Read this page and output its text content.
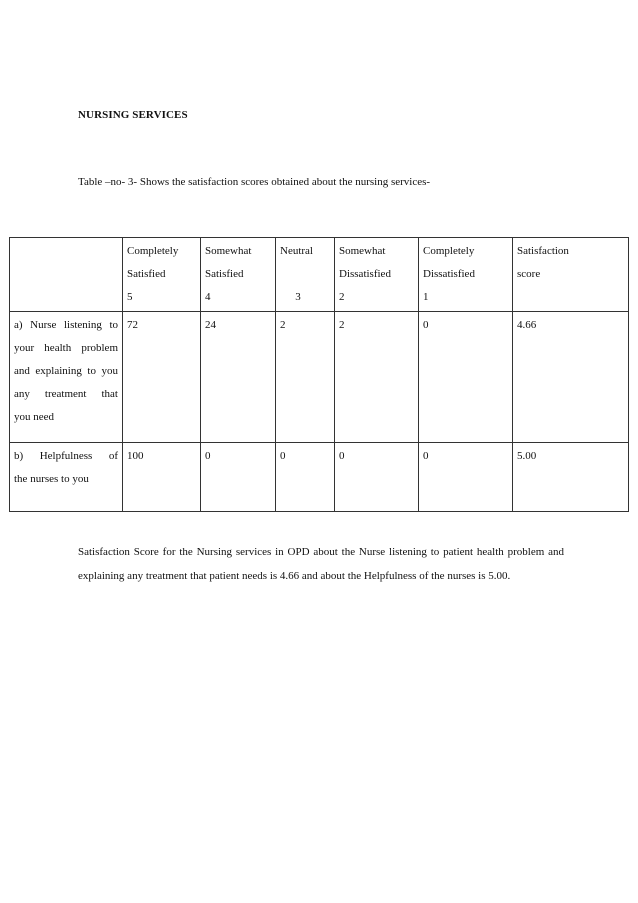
NURSING SERVICES
Table –no- 3- Shows the satisfaction scores obtained about the nursing services-

	Completely
Satisfied
5	Somewhat
Satisfied
4	Neutral

3	Somewhat
Dissatisfied
2	Completely
Dissatisfied
1	Satisfaction
score

a) Nurse listening to your health problem and explaining to you any treatment that
you need	72	24	2	2	0	4.66

b) Helpfulness of
the nurses to you	100	0	0	0	0	5.00
Satisfaction Score for the Nursing services in OPD about the Nurse listening to patient health problem and explaining any treatment that patient needs is 4.66 and about the Helpfulness of the nurses is 5.00.
